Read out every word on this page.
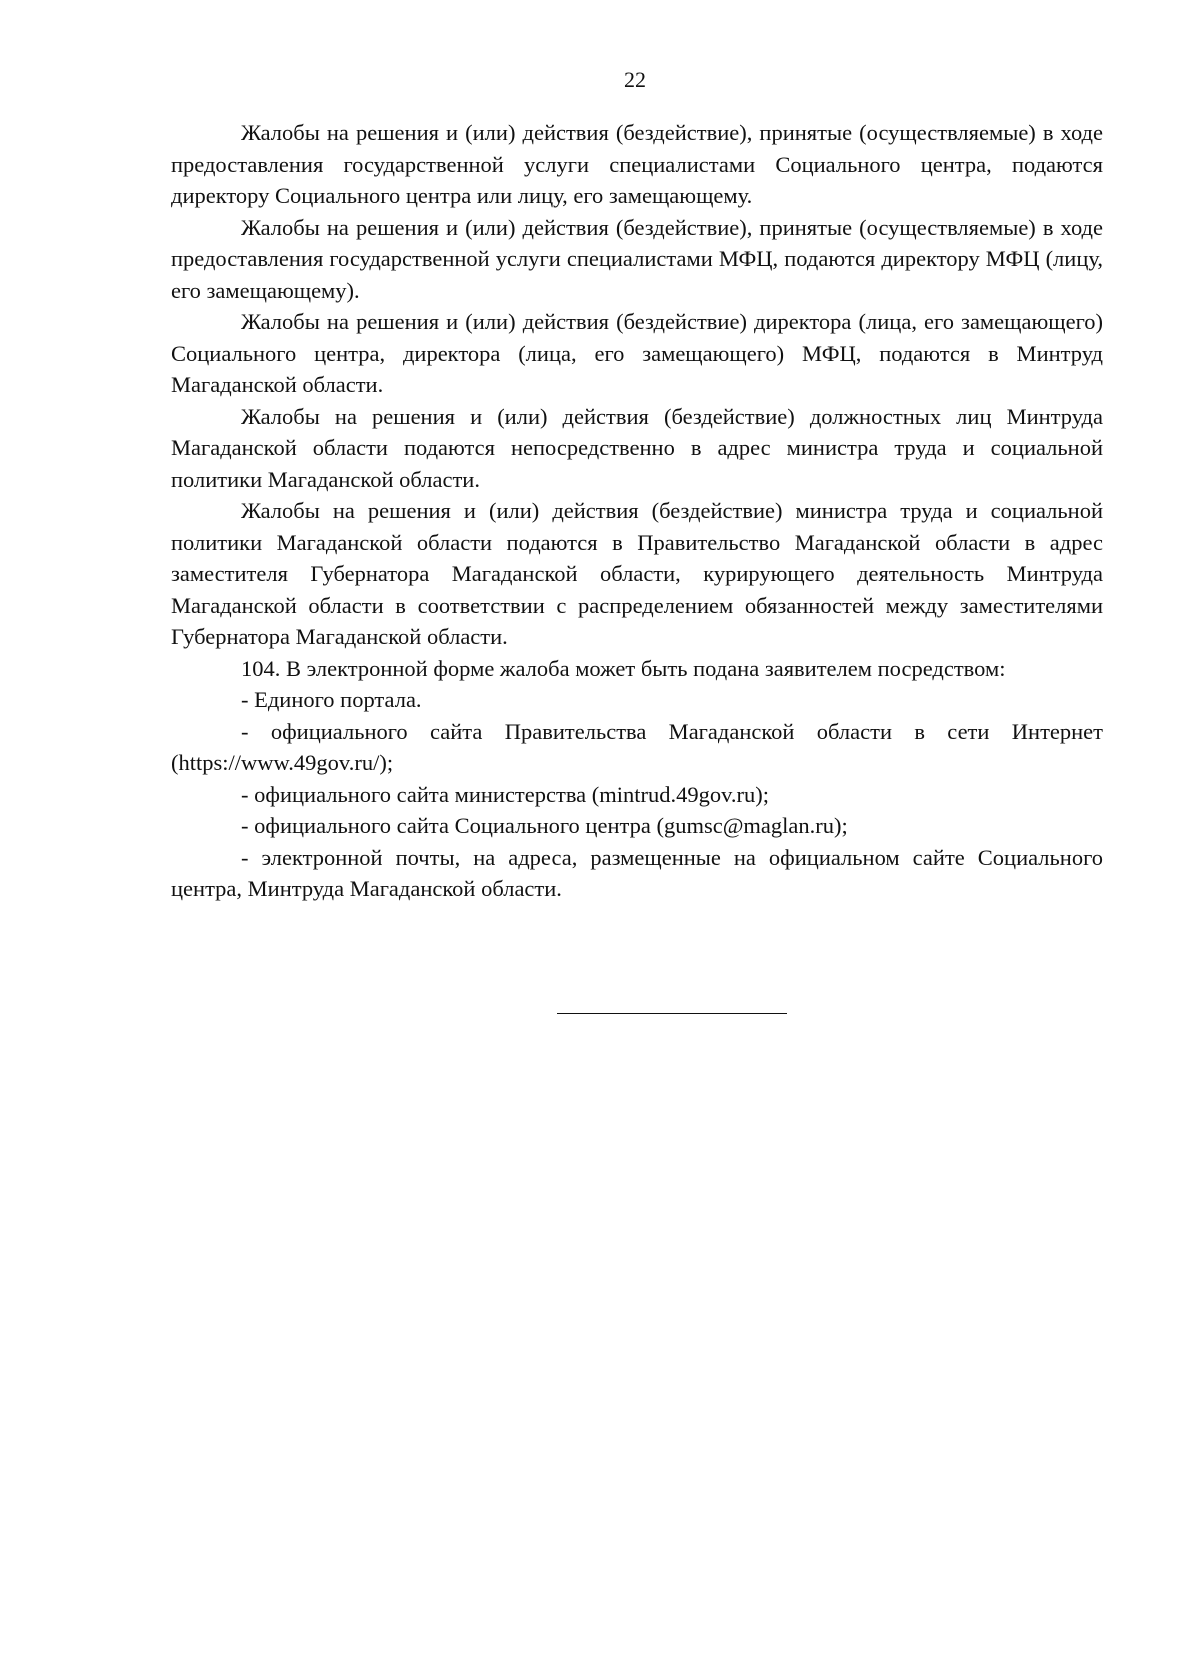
22

Жалобы на решения и (или) действия (бездействие), принятые (осуществляемые) в ходе предоставления государственной услуги специалистами Социального центра, подаются директору Социального центра или лицу, его замещающему.

Жалобы на решения и (или) действия (бездействие), принятые (осуществляемые) в ходе предоставления государственной услуги специалистами МФЦ, подаются директору МФЦ (лицу, его замещающему).

Жалобы на решения и (или) действия (бездействие) директора (лица, его замещающего) Социального центра, директора (лица, его замещающего) МФЦ, подаются в Минтруд Магаданской области.

Жалобы на решения и (или) действия (бездействие) должностных лиц Минтруда Магаданской области подаются непосредственно в адрес министра труда и социальной политики Магаданской области.

Жалобы на решения и (или) действия (бездействие) министра труда и социальной политики Магаданской области подаются в Правительство Магаданской области в адрес заместителя Губернатора Магаданской области, курирующего деятельность Минтруда Магаданской области в соответствии с распределением обязанностей между заместителями Губернатора Магаданской области.

104. В электронной форме жалоба может быть подана заявителем посредством:

- Единого портала.

- официального сайта Правительства Магаданской области в сети Интернет (https://www.49gov.ru/);

- официального сайта министерства (mintrud.49gov.ru);

- официального сайта Социального центра (gumsc@maglan.ru);

- электронной почты, на адреса, размещенные на официальном сайте Социального центра, Минтруда Магаданской области.
